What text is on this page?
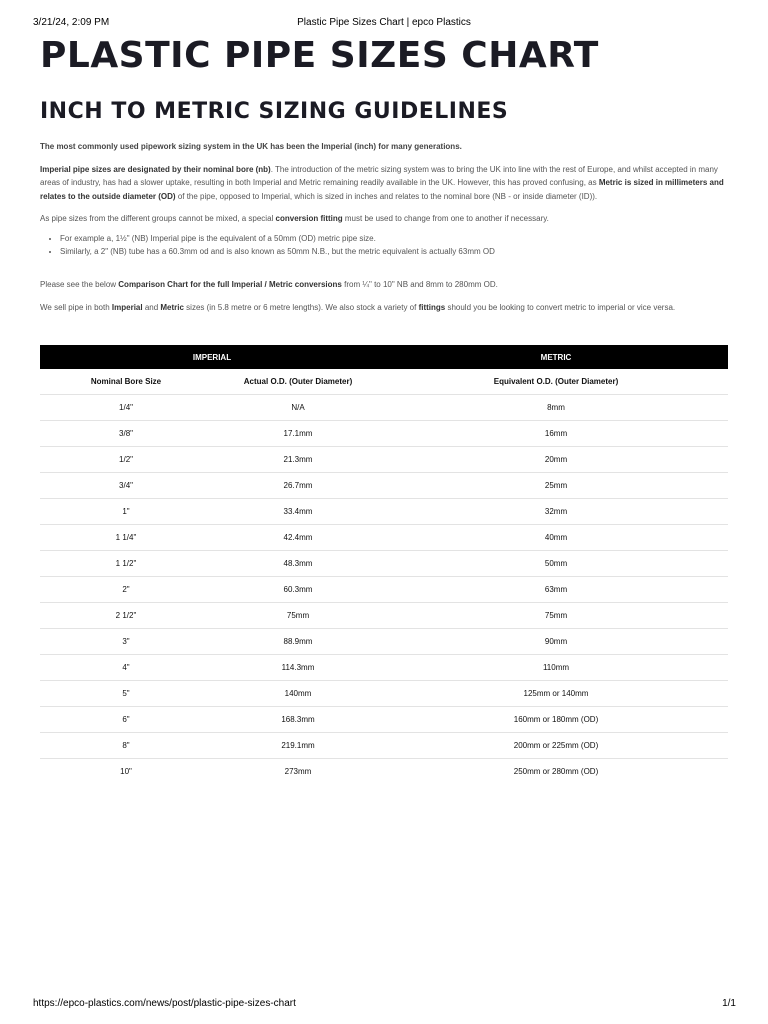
3/21/24, 2:09 PM	Plastic Pipe Sizes Chart | epco Plastics
PLASTIC PIPE SIZES CHART
INCH TO METRIC SIZING GUIDELINES

The most commonly used pipework sizing system in the UK has been the Imperial (inch) for many generations.

Imperial pipe sizes are designated by their nominal bore (nb). The introduction of the metric sizing system was to bring the UK into line with the rest of Europe, and whilst accepted in many areas of industry, has had a slower uptake, resulting in both Imperial and Metric remaining readily available in the UK. However, this has proved confusing, as Metric is sized in millimeters and relates to the outside diameter (OD) of the pipe, opposed to Imperial, which is sized in inches and relates to the nominal bore (NB - or inside diameter (ID)).

As pipe sizes from the different groups cannot be mixed, a special conversion fitting must be used to change from one to another if necessary.

• For example a, 1½" (NB) Imperial pipe is the equivalent of a 50mm (OD) metric pipe size.
• Similarly, a 2" (NB) tube has a 60.3mm od and is also known as 50mm N.B., but the metric equivalent is actually 63mm OD

Please see the below Comparison Chart for the full Imperial / Metric conversions from ¼" to 10" NB and 8mm to 280mm OD.

We sell pipe in both Imperial and Metric sizes (in 5.8 metre or 6 metre lengths). We also stock a variety of fittings should you be looking to convert metric to imperial or vice versa.

IMPERIAL		METRIC
Nominal Bore Size	Actual O.D. (Outer Diameter)	Equivalent O.D. (Outer Diameter)
1/4"	N/A	8mm
3/8"	17.1mm	16mm
1/2"	21.3mm	20mm
3/4"	26.7mm	25mm
1"	33.4mm	32mm
1 1/4"	42.4mm	40mm
1 1/2"	48.3mm	50mm
2"	60.3mm	63mm
2 1/2"	75mm	75mm
3"	88.9mm	90mm
4"	114.3mm	110mm
5"	140mm	125mm or 140mm
6"	168.3mm	160mm or 180mm (OD)
8"	219.1mm	200mm or 225mm (OD)
10"	273mm	250mm or 280mm (OD)
https://epco-plastics.com/news/post/plastic-pipe-sizes-chart	1/1
